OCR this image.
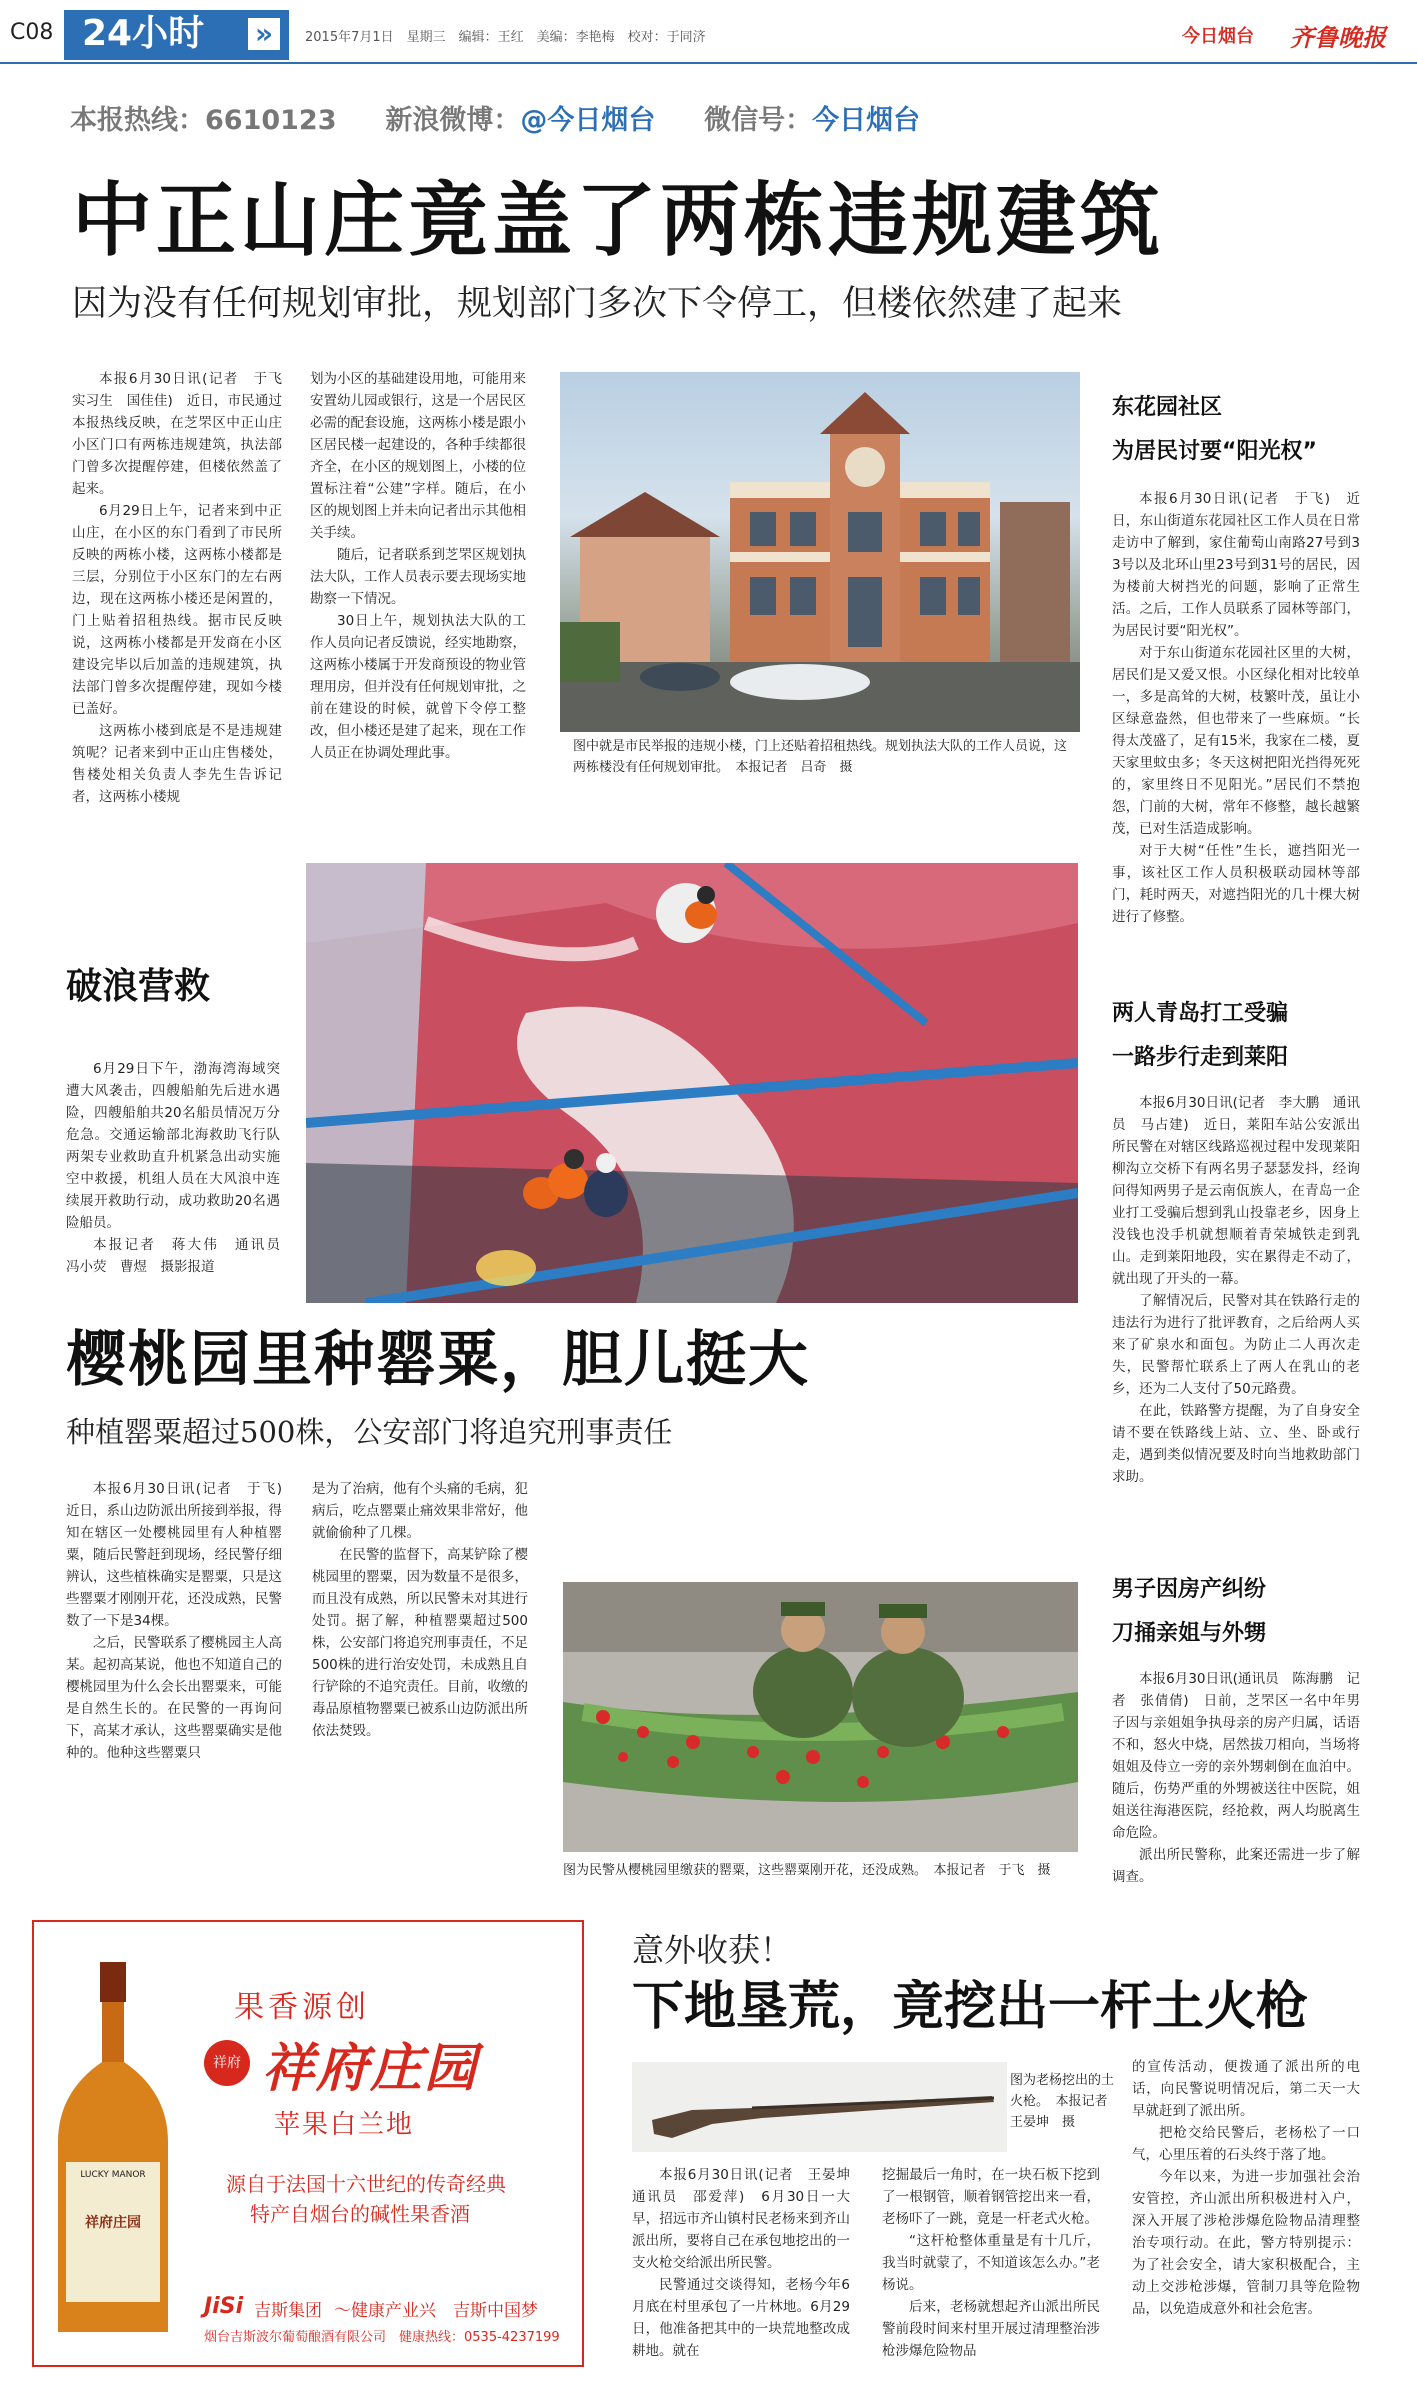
C08 24小时 »	2015年7月1日　星期三　编辑：王红　美编：李艳梅　校对：于同济	今日烟台 齐鲁晚报
本报热线：6610123 新浪微博：@今日烟台 微信号：今日烟台
中正山庄竟盖了两栋违规建筑
因为没有任何规划审批，规划部门多次下令停工，但楼依然建了起来

本报6月30日讯(记者　于飞　实习生　国佳佳)　近日，市民通过本报热线反映，在芝罘区中正山庄小区门口有两栋违规建筑，执法部门曾多次提醒停建，但楼依然盖了起来。

6月29日上午，记者来到中正山庄，在小区的东门看到了市民所反映的两栋小楼，这两栋小楼都是三层，分别位于小区东门的左右两边，现在这两栋小楼还是闲置的，门上贴着招租热线。据市民反映说，这两栋小楼都是开发商在小区建设完毕以后加盖的违规建筑，执法部门曾多次提醒停建，现如今楼已盖好。

这两栋小楼到底是不是违规建筑呢？记者来到中正山庄售楼处，售楼处相关负责人李先生告诉记者，这两栋小楼规

划为小区的基础建设用地，可能用来安置幼儿园或银行，这是一个居民区必需的配套设施，这两栋小楼是跟小区居民楼一起建设的，各种手续都很齐全，在小区的规划图上，小楼的位置标注着“公建”字样。随后，在小区的规划图上并未向记者出示其他相关手续。

随后，记者联系到芝罘区规划执法大队，工作人员表示要去现场实地勘察一下情况。

30日上午，规划执法大队的工作人员向记者反馈说，经实地勘察，这两栋小楼属于开发商预设的物业管理用房，但并没有任何规划审批，之前在建设的时候，就曾下令停工整改，但小楼还是建了起来，现在工作人员正在协调处理此事。	图中就是市民举报的违规小楼，门上还贴着招租热线。规划执法大队的工作人员说，这两栋楼没有任何规划审批。　本报记者　吕奇　摄
东花园社区
为居民讨要“阳光权”

本报6月30日讯(记者　于飞)　近日，东山街道东花园社区工作人员在日常走访中了解到，家住葡萄山南路27号到33号以及北环山里23号到31号的居民，因为楼前大树挡光的问题，影响了正常生活。之后，工作人员联系了园林等部门，为居民讨要“阳光权”。

对于东山街道东花园社区里的大树，居民们是又爱又恨。小区绿化相对比较单一，多是高耸的大树，枝繁叶茂，虽让小区绿意盎然，但也带来了一些麻烦。“长得太茂盛了，足有15米，我家在二楼，夏天家里蚊虫多；冬天这树把阳光挡得死死的，家里终日不见阳光。”居民们不禁抱怨，门前的大树，常年不修整，越长越繁茂，已对生活造成影响。

对于大树“任性”生长，遮挡阳光一事，该社区工作人员积极联动园林等部门，耗时两天，对遮挡阳光的几十棵大树进行了修整。

破浪营救

6月29日下午，渤海湾海域突遭大风袭击，四艘船舶先后进水遇险，四艘船舶共20名船员情况万分危急。交通运输部北海救助飞行队两架专业救助直升机紧急出动实施空中救援，机组人员在大风浪中连续展开救助行动，成功救助20名遇险船员。

本报记者　蒋大伟　通讯员　冯小荧　曹煜　摄影报道

两人青岛打工受骗
一路步行走到莱阳

本报6月30日讯(记者　李大鹏　通讯员　马占建)　近日，莱阳车站公安派出所民警在对辖区线路巡视过程中发现莱阳柳沟立交桥下有两名男子瑟瑟发抖，经询问得知两男子是云南佤族人，在青岛一企业打工受骗后想到乳山投靠老乡，因身上没钱也没手机就想顺着青荣城铁走到乳山。走到莱阳地段，实在累得走不动了，就出现了开头的一幕。

了解情况后，民警对其在铁路行走的违法行为进行了批评教育，之后给两人买来了矿泉水和面包。为防止二人再次走失，民警帮忙联系上了两人在乳山的老乡，还为二人支付了50元路费。

在此，铁路警方提醒，为了自身安全请不要在铁路线上站、立、坐、卧或行走，遇到类似情况要及时向当地救助部门求助。

樱桃园里种罂粟，胆儿挺大
种植罂粟超过500株，公安部门将追究刑事责任

本报6月30日讯(记者　于飞)　近日，系山边防派出所接到举报，得知在辖区一处樱桃园里有人种植罂粟，随后民警赶到现场，经民警仔细辨认，这些植株确实是罂粟，只是这些罂粟才刚刚开花，还没成熟，民警数了一下是34棵。

之后，民警联系了樱桃园主人高某。起初高某说，他也不知道自己的樱桃园里为什么会长出罂粟来，可能是自然生长的。在民警的一再询问下，高某才承认，这些罂粟确实是他种的。他种这些罂粟只

是为了治病，他有个头痛的毛病，犯病后，吃点罂粟止痛效果非常好，他就偷偷种了几棵。

在民警的监督下，高某铲除了樱桃园里的罂粟，因为数量不是很多，而且没有成熟，所以民警未对其进行处罚。据了解，种植罂粟超过500株，公安部门将追究刑事责任，不足500株的进行治安处罚，未成熟且自行铲除的不追究责任。目前，收缴的毒品原植物罂粟已被系山边防派出所依法焚毁。

图为民警从樱桃园里缴获的罂粟，这些罂粟刚开花，还没成熟。　本报记者　于飞　摄
男子因房产纠纷
刀捅亲姐与外甥

本报6月30日讯(通讯员　陈海鹏　记者　张倩倩)　日前，芝罘区一名中年男子因与亲姐姐争执母亲的房产归属，话语不和，怒火中烧，居然拔刀相向，当场将姐姐及侍立一旁的亲外甥刺倒在血泊中。随后，伤势严重的外甥被送往中医院，姐姐送往海港医院，经抢救，两人均脱离生命危险。

派出所民警称，此案还需进一步了解调查。

LUCKY MANOR
祥府庄园
果香源创
祥府 祥府庄园
苹果白兰地
源自于法国十六世纪的传奇经典
特产自烟台的碱性果香酒
JiSi 吉斯集团 ～健康产业兴　吉斯中国梦
烟台吉斯波尔葡萄酿酒有限公司　健康热线：0535-4237199
意外收获！
下地垦荒，竟挖出一杆土火枪
图为老杨挖出的土火枪。　本报记者　王晏坤　摄

本报6月30日讯(记者　王晏坤　通讯员　邵爱萍)　6月30日一大早，招远市齐山镇村民老杨来到齐山派出所，要将自己在承包地挖出的一支火枪交给派出所民警。

民警通过交谈得知，老杨今年6月底在村里承包了一片林地。6月29日，他准备把其中的一块荒地整改成耕地。就在

挖掘最后一角时，在一块石板下挖到了一根钢管，顺着钢管挖出来一看，老杨吓了一跳，竟是一杆老式火枪。

“这杆枪整体重量是有十几斤，我当时就蒙了，不知道该怎么办。”老杨说。

后来，老杨就想起齐山派出所民警前段时间来村里开展过清理整治涉枪涉爆危险物品

的宣传活动，便拨通了派出所的电话，向民警说明情况后，第二天一大早就赶到了派出所。

把枪交给民警后，老杨松了一口气，心里压着的石头终于落了地。

今年以来，为进一步加强社会治安管控，齐山派出所积极进村入户，深入开展了涉枪涉爆危险物品清理整治专项行动。在此，警方特别提示：为了社会安全，请大家积极配合，主动上交涉枪涉爆，管制刀具等危险物品，以免造成意外和社会危害。
